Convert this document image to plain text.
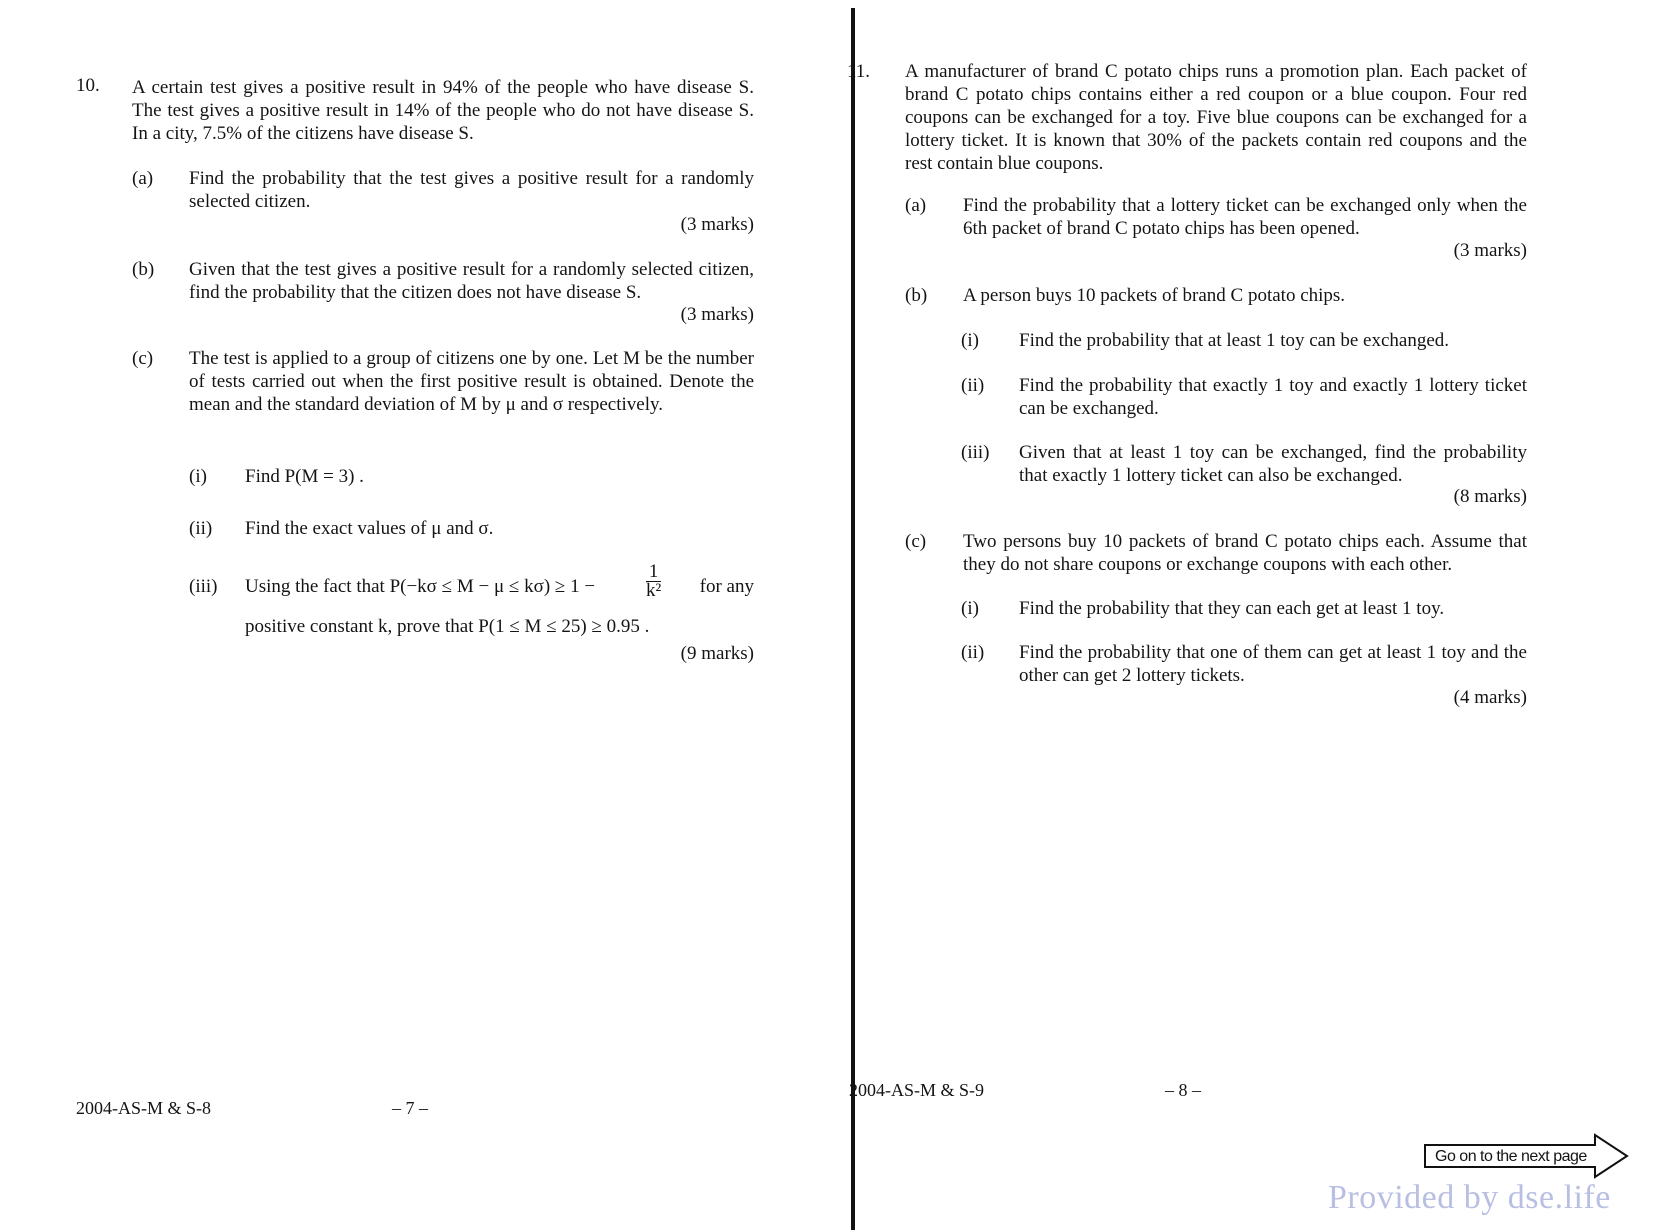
10. A certain test gives a positive result in 94% of the people who have disease S. The test gives a positive result in 14% of the people who do not have disease S. In a city, 7.5% of the citizens have disease S.
(a) Find the probability that the test gives a positive result for a randomly selected citizen.
(3 marks)
(b) Given that the test gives a positive result for a randomly selected citizen, find the probability that the citizen does not have disease S.
(3 marks)
(c) The test is applied to a group of citizens one by one. Let M be the number of tests carried out when the first positive result is obtained. Denote the mean and the standard deviation of M by μ and σ respectively.
(i) Find P(M = 3) .
(ii) Find the exact values of μ and σ.
(iii) Using the fact that P(−kσ ≤ M − μ ≤ kσ) ≥ 1 −	$\frac{1}{\text{k²}}$ for any
positive constant k, prove that P(1 ≤ M ≤ 25) ≥ 0.95 .
(9 marks)
2004-AS-M & S-8	– 7 –
11. A manufacturer of brand C potato chips runs a promotion plan. Each packet of brand C potato chips contains either a red coupon or a blue coupon. Four red coupons can be exchanged for a toy. Five blue coupons can be exchanged for a lottery ticket. It is known that 30% of the packets contain red coupons and the rest contain blue coupons.
(a) Find the probability that a lottery ticket can be exchanged only when the 6th packet of brand C potato chips has been opened.
(3 marks)
(b) A person buys 10 packets of brand C potato chips.
(i) Find the probability that at least 1 toy can be exchanged.
(ii) Find the probability that exactly 1 toy and exactly 1 lottery ticket can be exchanged.
(iii) Given that at least 1 toy can be exchanged, find the probability that exactly 1 lottery ticket can also be exchanged.
(8 marks)
(c) Two persons buy 10 packets of brand C potato chips each. Assume that they do not share coupons or exchange coupons with each other.
(i) Find the probability that they can each get at least 1 toy.
(ii) Find the probability that one of them can get at least 1 toy and the other can get 2 lottery tickets.
(4 marks)
2004-AS-M & S-9	– 8 –
Go on to the next page
Provided by dse.life
